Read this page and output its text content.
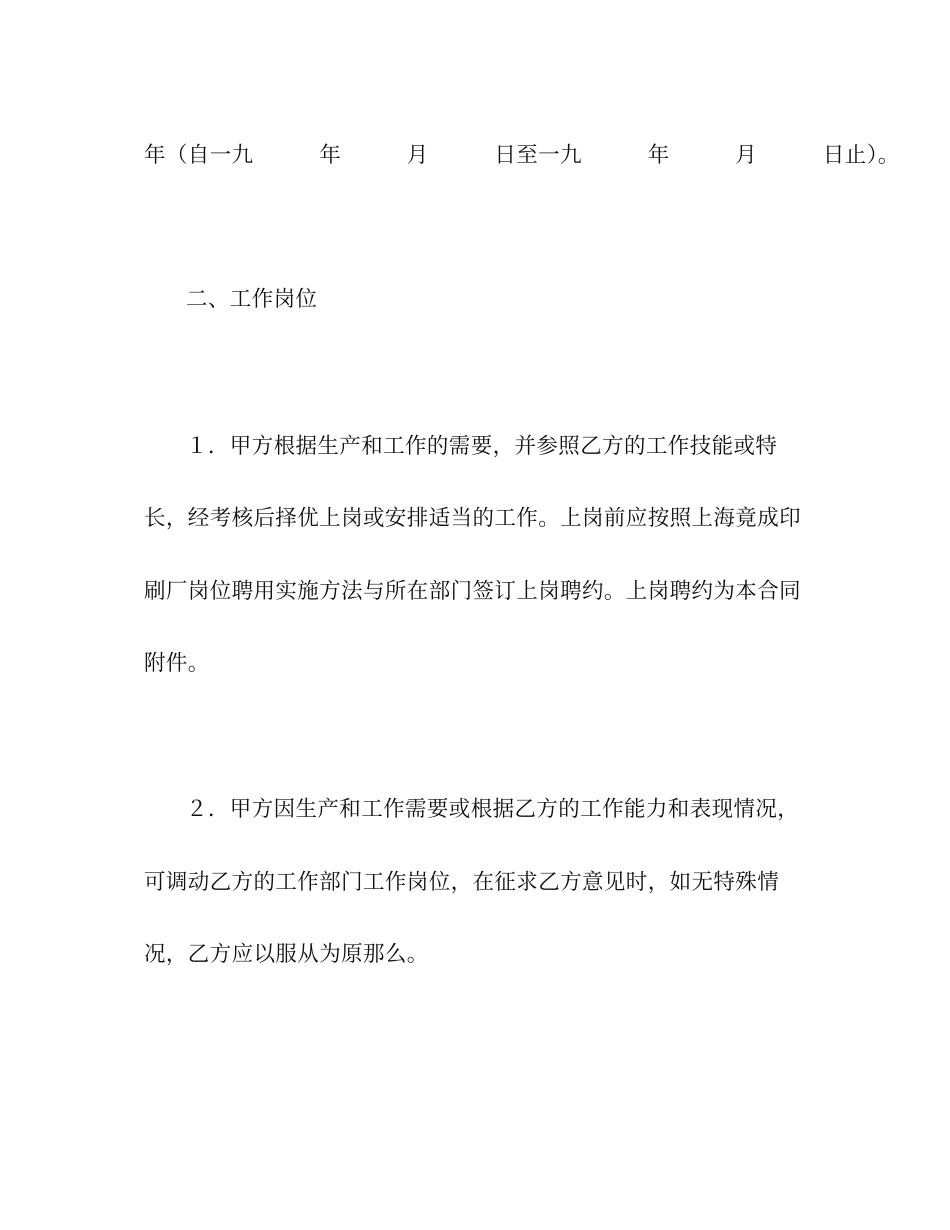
年（自一九　　　年　　　月　　　日至一九　　　年　　　月　　　日止）。
二、工作岗位
１．甲方根据生产和工作的需要，并参照乙方的工作技能或特
长，经考核后择优上岗或安排适当的工作。上岗前应按照上海竟成印
刷厂岗位聘用实施方法与所在部门签订上岗聘约。上岗聘约为本合同
附件。
２．甲方因生产和工作需要或根据乙方的工作能力和表现情况，
可调动乙方的工作部门工作岗位，在征求乙方意见时，如无特殊情
况，乙方应以服从为原那么。
